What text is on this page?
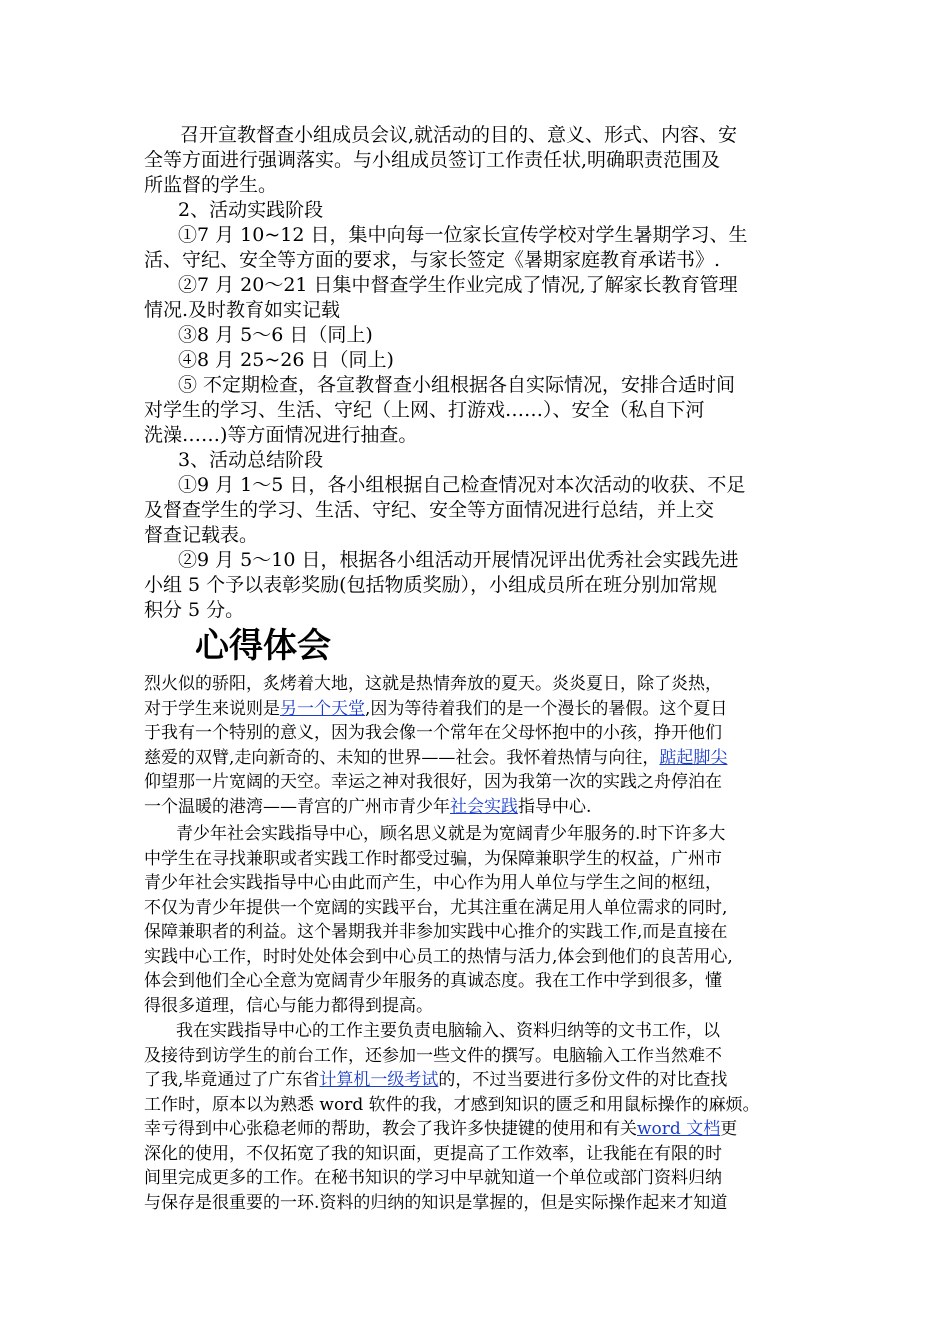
召开宣教督查小组成员会议,就活动的目的、意义、形式、内容、安
全等方面进行强调落实。与小组成员签订工作责任状,明确职责范围及
所监督的学生。
2、活动实践阶段
①7 月 10~12 日，集中向每一位家长宣传学校对学生暑期学习、生
活、守纪、安全等方面的要求，与家长签定《暑期家庭教育承诺书》.
②7 月 20～21 日集中督查学生作业完成了情况,了解家长教育管理
情况.及时教育如实记载
③8 月 5～6 日（同上)
④8 月 25~26 日（同上)
⑤ 不定期检查，各宣教督查小组根据各自实际情况，安排合适时间
对学生的学习、生活、守纪（上网、打游戏……）、安全（私自下河
洗澡……)等方面情况进行抽查。
3、活动总结阶段
①9 月 1～5 日，各小组根据自己检查情况对本次活动的收获、不足
及督查学生的学习、生活、守纪、安全等方面情况进行总结，并上交
督查记载表。
②9 月 5～10 日，根据各小组活动开展情况评出优秀社会实践先进
小组 5 个予以表彰奖励(包括物质奖励），小组成员所在班分别加常规
积分 5 分。
心得体会
烈火似的骄阳，炙烤着大地，这就是热情奔放的夏天。炎炎夏日，除了炎热，
对于学生来说则是另一个天堂,因为等待着我们的是一个漫长的暑假。这个夏日
于我有一个特别的意义，因为我会像一个常年在父母怀抱中的小孩，挣开他们
慈爱的双臂,走向新奇的、未知的世界——社会。我怀着热情与向往，踮起脚尖
仰望那一片宽阔的天空。幸运之神对我很好，因为我第一次的实践之舟停泊在
一个温暖的港湾——青宫的广州市青少年社会实践指导中心.
青少年社会实践指导中心，顾名思义就是为宽阔青少年服务的.时下许多大
中学生在寻找兼职或者实践工作时都受过骗，为保障兼职学生的权益，广州市
青少年社会实践指导中心由此而产生，中心作为用人单位与学生之间的枢纽，
不仅为青少年提供一个宽阔的实践平台，尤其注重在满足用人单位需求的同时,
保障兼职者的利益。这个暑期我并非参加实践中心推介的实践工作,而是直接在
实践中心工作，时时处处体会到中心员工的热情与活力,体会到他们的良苦用心,
体会到他们全心全意为宽阔青少年服务的真诚态度。我在工作中学到很多，懂
得很多道理，信心与能力都得到提高。
我在实践指导中心的工作主要负责电脑输入、资料归纳等的文书工作，以
及接待到访学生的前台工作，还参加一些文件的撰写。电脑输入工作当然难不
了我,毕竟通过了广东省计算机一级考试的，不过当要进行多份文件的对比查找
工作时，原本以为熟悉 word 软件的我，才感到知识的匮乏和用鼠标操作的麻烦。
幸亏得到中心张稳老师的帮助，教会了我许多快捷键的使用和有关word 文档更
深化的使用，不仅拓宽了我的知识面，更提高了工作效率，让我能在有限的时
间里完成更多的工作。在秘书知识的学习中早就知道一个单位或部门资料归纳
与保存是很重要的一环.资料的归纳的知识是掌握的，但是实际操作起来才知道
